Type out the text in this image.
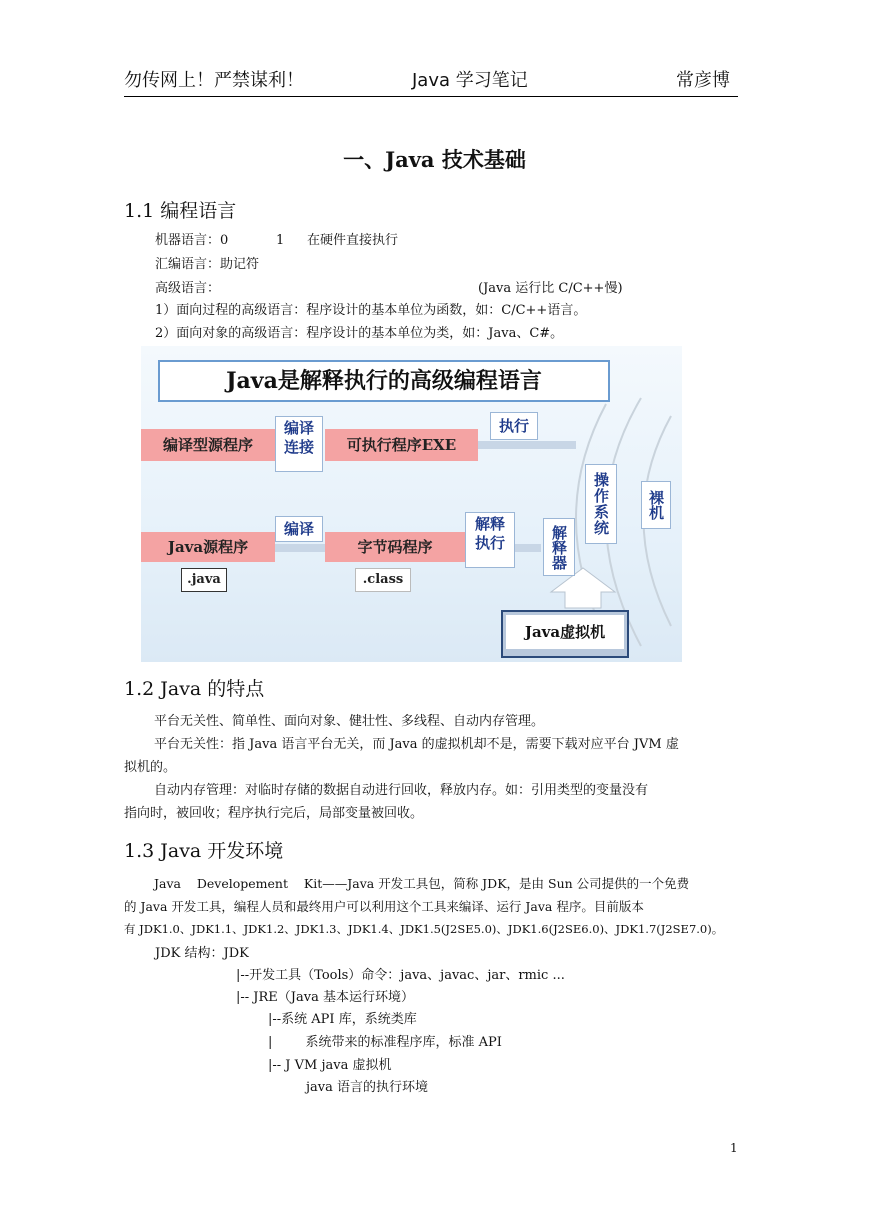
勿传网上！严禁谋利！	Java 学习笔记	常彦博
一、Java 技术基础
1.1 编程语言
机器语言：0	1 在硬件直接执行
汇编语言：助记符
高级语言：	(Java 运行比 C/C++慢)
1）面向过程的高级语言：程序设计的基本单位为函数，如：C/C++语言。
2）面向对象的高级语言：程序设计的基本单位为类，如：Java、C#。
Java是解释执行的高级编程语言
编译型源程序
编译
连接	可执行程序EXE
执行
操作系统	裸机
Java源程序
编译
字节码程序
解释
执行	解释器
.java	.class
Java虚拟机
1.2 Java 的特点
平台无关性、简单性、面向对象、健壮性、多线程、自动内存管理。
平台无关性：指 Java 语言平台无关，而 Java 的虚拟机却不是，需要下载对应平台 JVM 虚
拟机的。
自动内存管理：对临时存储的数据自动进行回收，释放内存。如：引用类型的变量没有
指向时，被回收；程序执行完后，局部变量被回收。
1.3 Java 开发环境
Java    Developement    Kit——Java 开发工具包，简称 JDK，是由 Sun 公司提供的一个免费
的 Java 开发工具，编程人员和最终用户可以利用这个工具来编译、运行 Java 程序。目前版本
有 JDK1.0、JDK1.1、JDK1.2、JDK1.3、JDK1.4、JDK1.5(J2SE5.0)、JDK1.6(J2SE6.0)、JDK1.7(J2SE7.0)。
JDK 结构：JDK
|--开发工具（Tools）命令：java、javac、jar、rmic ...
|-- JRE（Java 基本运行环境）
|--系统 API 库，系统类库
|        系统带来的标准程序库，标准 API
|-- J VM java 虚拟机
java 语言的执行环境
1
